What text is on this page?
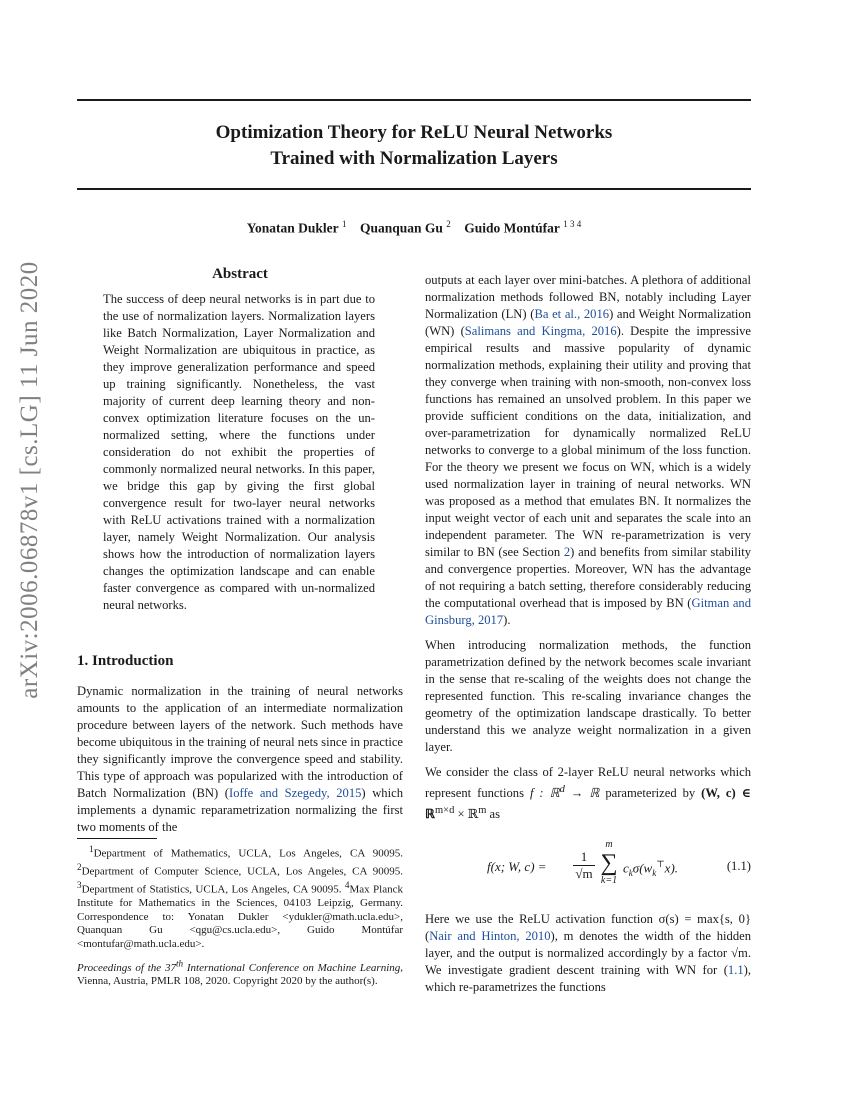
arXiv:2006.06878v1 [cs.LG] 11 Jun 2020
Optimization Theory for ReLU Neural Networks
Trained with Normalization Layers
Yonatan Dukler $^1$ Quanquan Gu $^2$ Guido Montúfar $^{1 3 4}$
Abstract

The success of deep neural networks is in part due to the use of normalization layers. Normalization layers like Batch Normalization, Layer Normalization and Weight Normalization are ubiquitous in practice, as they improve generalization performance and speed up training significantly. Nonetheless, the vast majority of current deep learning theory and non-convex optimization literature focuses on the un-normalized setting, where the functions under consideration do not exhibit the properties of commonly normalized neural networks. In this paper, we bridge this gap by giving the first global convergence result for two-layer neural networks with ReLU activations trained with a normalization layer, namely Weight Normalization. Our analysis shows how the introduction of normalization layers changes the optimization landscape and can enable faster convergence as compared with un-normalized neural networks.

1. Introduction

Dynamic normalization in the training of neural networks amounts to the application of an intermediate normalization procedure between layers of the network. Such methods have become ubiquitous in the training of neural nets since in practice they significantly improve the convergence speed and stability. This type of approach was popularized with the introduction of Batch Normalization (BN) (Ioffe and Szegedy, 2015) which implements a dynamic reparametrization normalizing the first two moments of the

$^1$Department of Mathematics, UCLA, Los Angeles, CA 90095. $^2$Department of Computer Science, UCLA, Los Angeles, CA 90095. $^3$Department of Statistics, UCLA, Los Angeles, CA 90095. $^4$Max Planck Institute for Mathematics in the Sciences, 04103 Leipzig, Germany. Correspondence to: Yonatan Dukler <ydukler@math.ucla.edu>, Quanquan Gu <qgu@cs.ucla.edu>, Guido Montúfar <montufar@math.ucla.edu>.
Proceedings of the 37th International Conference on Machine Learning, Vienna, Austria, PMLR 108, 2020. Copyright 2020 by the author(s).

outputs at each layer over mini-batches. A plethora of additional normalization methods followed BN, notably including Layer Normalization (LN) (Ba et al., 2016) and Weight Normalization (WN) (Salimans and Kingma, 2016). Despite the impressive empirical results and massive popularity of dynamic normalization methods, explaining their utility and proving that they converge when training with non-smooth, non-convex loss functions has remained an unsolved problem. In this paper we provide sufficient conditions on the data, initialization, and over-parametrization for dynamically normalized ReLU networks to converge to a global minimum of the loss function. For the theory we present we focus on WN, which is a widely used normalization layer in training of neural networks. WN was proposed as a method that emulates BN. It normalizes the input weight vector of each unit and separates the scale into an independent parameter. The WN re-parametrization is very similar to BN (see Section 2) and benefits from similar stability and convergence properties. Moreover, WN has the advantage of not requiring a batch setting, therefore considerably reducing the computational overhead that is imposed by BN (Gitman and Ginsburg, 2017).

When introducing normalization methods, the function parametrization defined by the network becomes scale invariant in the sense that re-scaling of the weights does not change the represented function. This re-scaling invariance changes the geometry of the optimization landscape drastically. To better understand this we analyze weight normalization in a given layer.

We consider the class of 2-layer ReLU neural networks which represent functions f : ℝ$^d$ → ℝ parameterized by (W, c) ∈ ℝ$^{m\times d}$ × ℝ$^m$ as

f(x; W, $c) = \frac{1}{√m}$
m
∑
k=1
$c_k\sigma(w_k^⊤x)$.	(1.1)

Here we use the ReLU activation function σ(s) = max{s, 0} (Nair and Hinton, 2010), m denotes the width of the hidden layer, and the output is normalized accordingly by a factor √m. We investigate gradient descent training with WN for (1.1), which re-parametrizes the functions
